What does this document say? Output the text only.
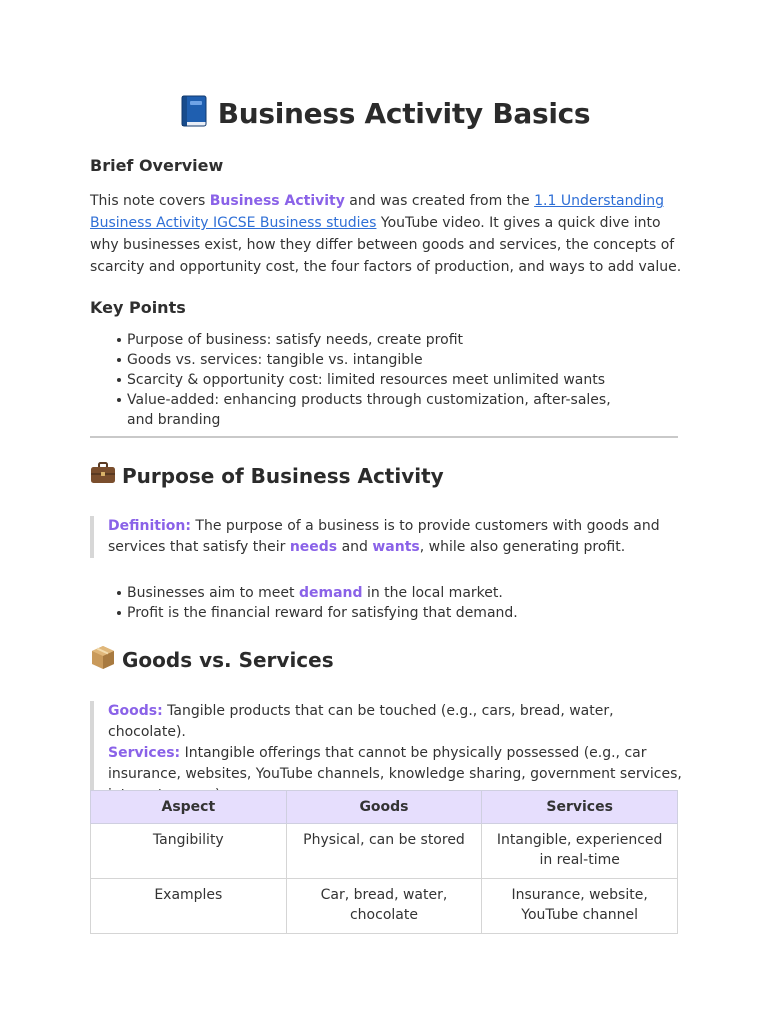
Business Activity Basics
Brief Overview
This note covers Business Activity and was created from the 1.1 Understanding Business Activity IGCSE Business studies YouTube video. It gives a quick dive into why businesses exist, how they differ between goods and services, the concepts of scarcity and opportunity cost, the four factors of production, and ways to add value.
Key Points
Purpose of business: satisfy needs, create profit
Goods vs. services: tangible vs. intangible
Scarcity & opportunity cost: limited resources meet unlimited wants
Value-added: enhancing products through customization, after-sales, and branding
Purpose of Business Activity
Definition: The purpose of a business is to provide customers with goods and services that satisfy their needs and wants, while also generating profit.
Businesses aim to meet demand in the local market.
Profit is the financial reward for satisfying that demand.
Goods vs. Services
Goods: Tangible products that can be touched (e.g., cars, bread, water, chocolate).
Services: Intangible offerings that cannot be physically possessed (e.g., car insurance, websites, YouTube channels, knowledge sharing, government services,
Aspect	Goods	Services
Tangibility	Physical, can be stored	Intangible, experienced in real-time
Examples	Car, bread, water, chocolate	Insurance, website, YouTube channel
